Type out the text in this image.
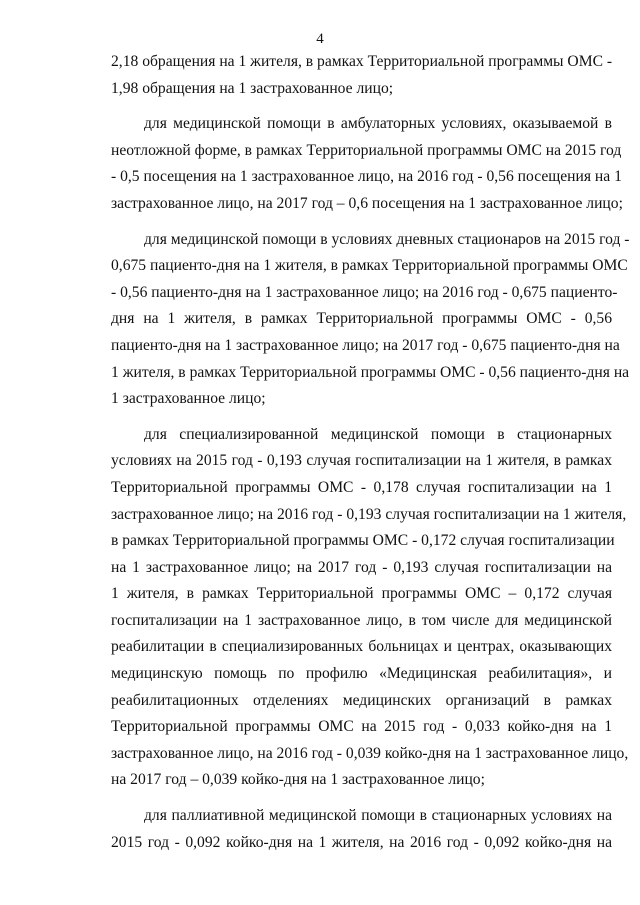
4
2,18 обращения на 1 жителя, в рамках Территориальной программы ОМС -
1,98 обращения на 1 застрахованное лицо;
для медицинской помощи в амбулаторных условиях, оказываемой в
неотложной форме, в рамках Территориальной программы ОМС на 2015 год
- 0,5 посещения на 1 застрахованное лицо, на 2016 год - 0,56 посещения на 1
застрахованное лицо, на 2017 год – 0,6 посещения на 1 застрахованное лицо;
для медицинской помощи в условиях дневных стационаров на 2015 год -
0,675 пациенто-дня на 1 жителя, в рамках Территориальной программы ОМС
- 0,56 пациенто-дня на 1 застрахованное лицо; на 2016 год - 0,675 пациенто-
дня на 1 жителя, в рамках Территориальной программы ОМС - 0,56
пациенто-дня на 1 застрахованное лицо; на 2017 год - 0,675 пациенто-дня на
1 жителя, в рамках Территориальной программы ОМС - 0,56 пациенто-дня на
1 застрахованное лицо;
для специализированной медицинской помощи в стационарных
условиях на 2015 год - 0,193 случая госпитализации на 1 жителя, в рамках
Территориальной программы ОМС - 0,178 случая госпитализации на 1
застрахованное лицо; на 2016 год - 0,193 случая госпитализации на 1 жителя,
в рамках Территориальной программы ОМС - 0,172 случая госпитализации
на 1 застрахованное лицо; на 2017 год - 0,193 случая госпитализации на
1 жителя, в рамках Территориальной программы ОМС – 0,172 случая
госпитализации на 1 застрахованное лицо, в том числе для медицинской
реабилитации в специализированных больницах и центрах, оказывающих
медицинскую помощь по профилю «Медицинская реабилитация», и
реабилитационных отделениях медицинских организаций в рамках
Территориальной программы ОМС на 2015 год - 0,033 койко-дня на 1
застрахованное лицо, на 2016 год - 0,039 койко-дня на 1 застрахованное лицо,
на 2017 год – 0,039 койко-дня на 1 застрахованное лицо;
для паллиативной медицинской помощи в стационарных условиях на
2015 год - 0,092 койко-дня на 1 жителя, на 2016 год - 0,092 койко-дня на
